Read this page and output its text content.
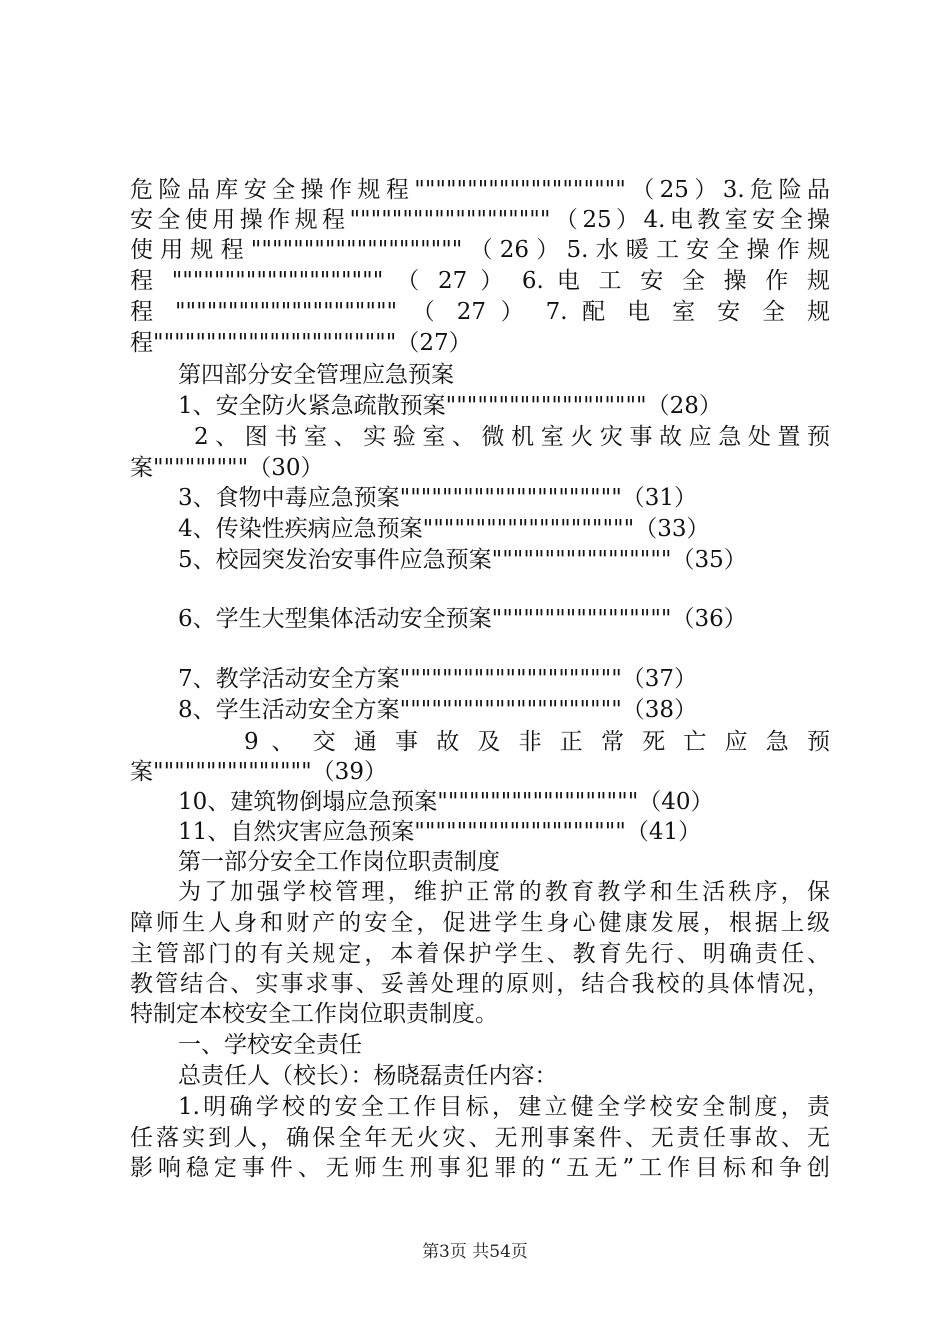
危险品库安全操作规程""""""""""""""""""""（25）3.危险品
安全使用操作规程"""""""""""""""""""（25）4.电教室安全操
使用规程""""""""""""""""""""（26）5.水暖工安全操作规
程 """""""""""""""""""" （ 27 ） 6. 电 工 安 全 操 作 规
程 """"""""""""""""""""" （ 27 ） 7. 配 电 室 安 全 规
程"""""""""""""""""""""""（27）
第四部分安全管理应急预案
1、安全防火紧急疏散预案"""""""""""""""""""（28）
2、图书室、实验室、微机室火灾事故应急处置预
案"""""""""（30）
3、食物中毒应急预案"""""""""""""""""""""（31）
4、传染性疾病应急预案""""""""""""""""""""（33）
5、校园突发治安事件应急预案"""""""""""""""""（35）
6、学生大型集体活动安全预案"""""""""""""""""（36）
7、教学活动安全方案"""""""""""""""""""""（37）
8、学生活动安全方案"""""""""""""""""""""（38）
9 、 交 通 事 故 及 非 正 常 死 亡 应 急 预
案"""""""""""""""（39）
10、建筑物倒塌应急预案"""""""""""""""""""（40）
11、自然灾害应急预案""""""""""""""""""""（41）
第一部分安全工作岗位职责制度
为了加强学校管理，维护正常的教育教学和生活秩序，保
障师生人身和财产的安全，促进学生身心健康发展，根据上级
主管部门的有关规定，本着保护学生、教育先行、明确责任、
教管结合、实事求事、妥善处理的原则，结合我校的具体情况，
特制定本校安全工作岗位职责制度。
一、学校安全责任
总责任人（校长）：杨晓磊责任内容：
1.明确学校的安全工作目标，建立健全学校安全制度，责
任落实到人，确保全年无火灾、无刑事案件、无责任事故、无
影响稳定事件、无师生刑事犯罪的“五无”工作目标和争创
第3页 共54页
